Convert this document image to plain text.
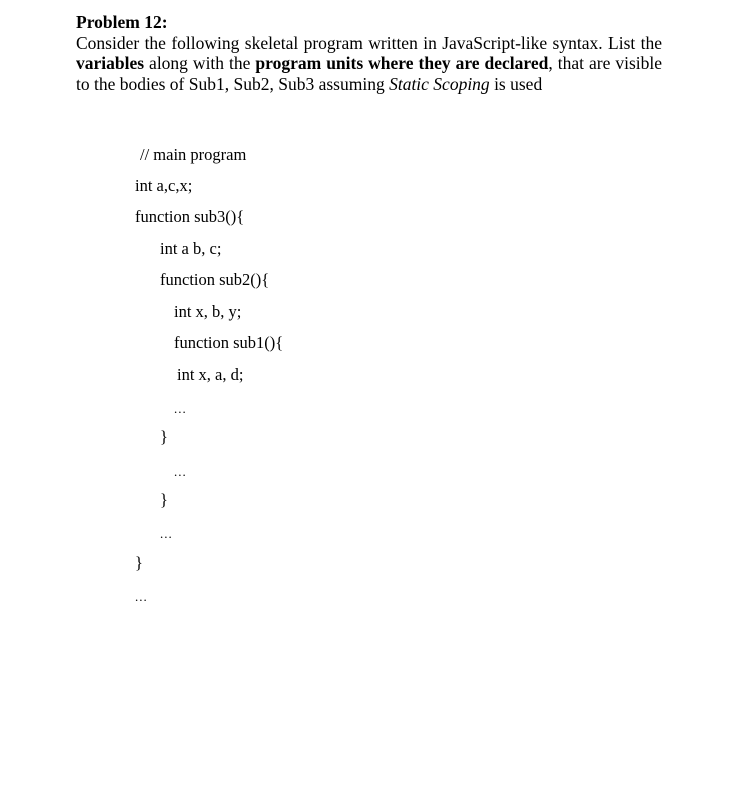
Problem 12:

Consider the following skeletal program written in JavaScript-like syntax. List the variables along with the program units where they are declared, that are visible to the bodies of Sub1, Sub2, Sub3 assuming Static Scoping is used

// main program
int a,c,x;
function sub3(){
int a b, c;
function sub2(){
int x, b, y;
function sub1(){
int x, a, d;
...
}
...
}
...
}
...
